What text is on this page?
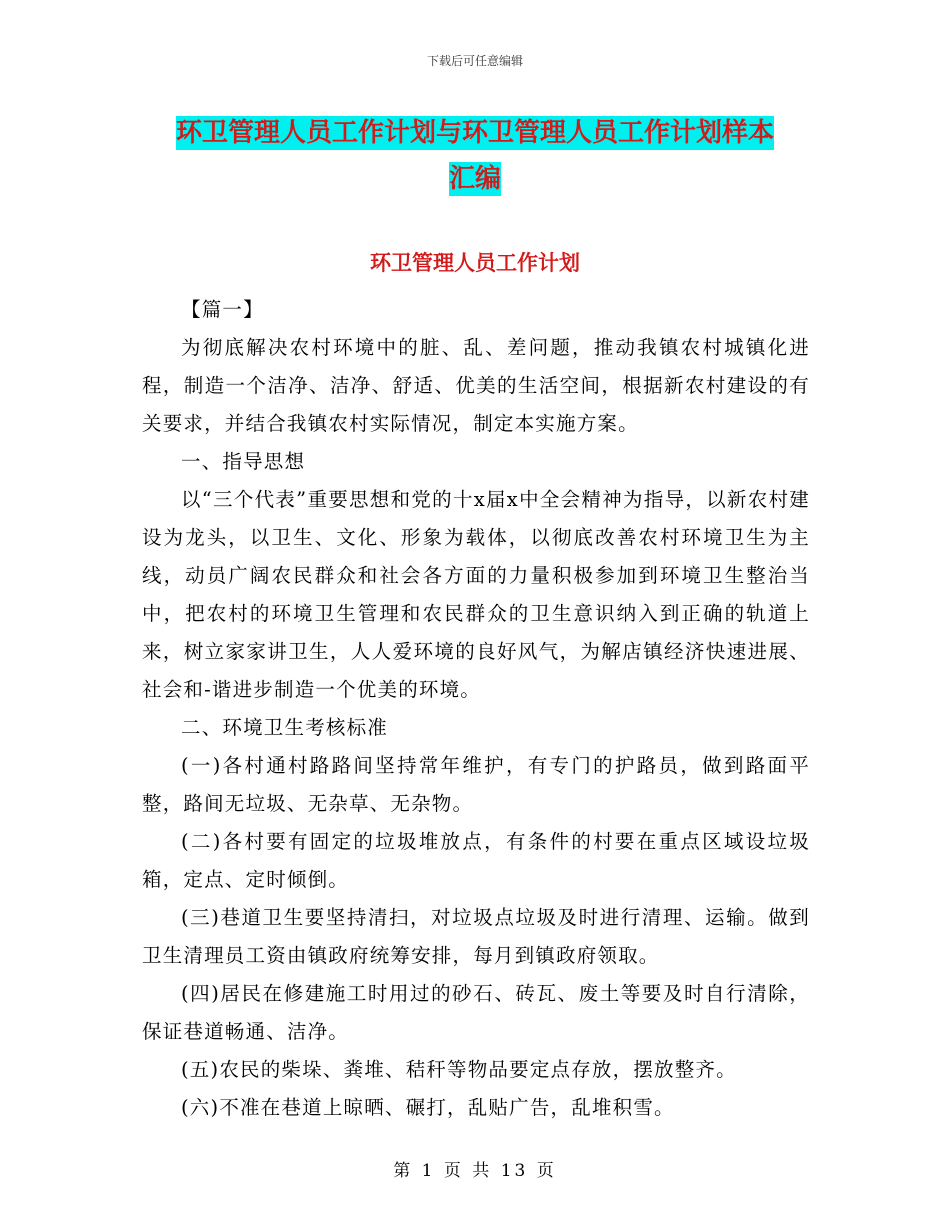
下载后可任意编辑
环卫管理人员工作计划与环卫管理人员工作计划样本
汇编
环卫管理人员工作计划

【篇一】

为彻底解决农村环境中的脏、乱、差问题，推动我镇农村城镇化进程，制造一个洁净、洁净、舒适、优美的生活空间，根据新农村建设的有关要求，并结合我镇农村实际情况，制定本实施方案。

一、指导思想

以“三个代表”重要思想和党的十x届x中全会精神为指导，以新农村建设为龙头，以卫生、文化、形象为载体，以彻底改善农村环境卫生为主线，动员广阔农民群众和社会各方面的力量积极参加到环境卫生整治当中，把农村的环境卫生管理和农民群众的卫生意识纳入到正确的轨道上来，树立家家讲卫生，人人爱环境的良好风气，为解店镇经济快速进展、社会和-谐进步制造一个优美的环境。

二、环境卫生考核标准

(一)各村通村路路间坚持常年维护，有专门的护路员，做到路面平整，路间无垃圾、无杂草、无杂物。

(二)各村要有固定的垃圾堆放点，有条件的村要在重点区域设垃圾箱，定点、定时倾倒。

(三)巷道卫生要坚持清扫，对垃圾点垃圾及时进行清理、运输。做到卫生清理员工资由镇政府统筹安排，每月到镇政府领取。

(四)居民在修建施工时用过的砂石、砖瓦、废土等要及时自行清除，保证巷道畅通、洁净。

(五)农民的柴垛、粪堆、秸秆等物品要定点存放，摆放整齐。

(六)不准在巷道上晾晒、碾打，乱贴广告，乱堆积雪。

第 1 页 共 13 页
